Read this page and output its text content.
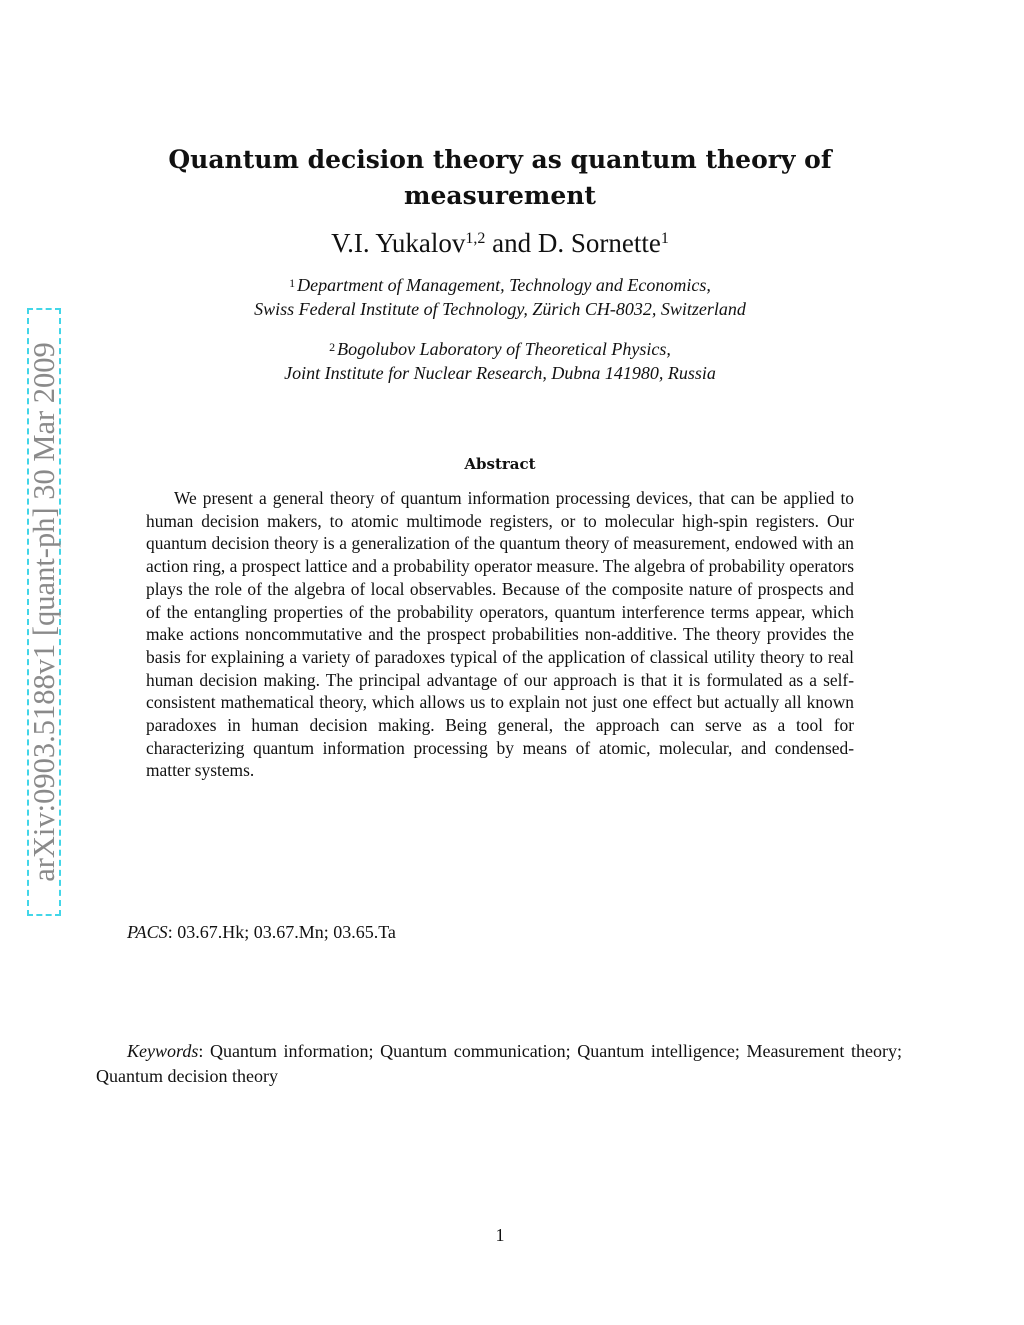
arXiv:0903.5188v1 [quant-ph] 30 Mar 2009
Quantum decision theory as quantum theory of
measurement
V.I. Yukalov$^{1,2}$ and D. Sornette$^1$
$^1$ Department of Management, Technology and Economics,
Swiss Federal Institute of Technology, Zürich CH-8032, Switzerland
$^2$ Bogolubov Laboratory of Theoretical Physics,
Joint Institute for Nuclear Research, Dubna 141980, Russia
Abstract
We present a general theory of quantum information processing devices, that can be applied to human decision makers, to atomic multimode registers, or to molecular high-spin registers. Our quantum decision theory is a generalization of the quantum theory of measurement, endowed with an action ring, a prospect lattice and a probability operator measure. The algebra of probability operators plays the role of the algebra of local observables. Because of the composite nature of prospects and of the entangling properties of the probability operators, quantum interference terms appear, which make actions noncommutative and the prospect probabilities non-additive. The theory provides the basis for explaining a variety of paradoxes typical of the application of classical utility theory to real human decision making. The principal advantage of our approach is that it is formulated as a self-consistent mathematical theory, which allows us to explain not just one effect but actually all known paradoxes in human decision making. Being general, the approach can serve as a tool for characterizing quantum information processing by means of atomic, molecular, and condensed-matter systems.
PACS: 03.67.Hk; 03.67.Mn; 03.65.Ta
Keywords: Quantum information; Quantum communication; Quantum intelligence; Measurement theory; Quantum decision theory
1
